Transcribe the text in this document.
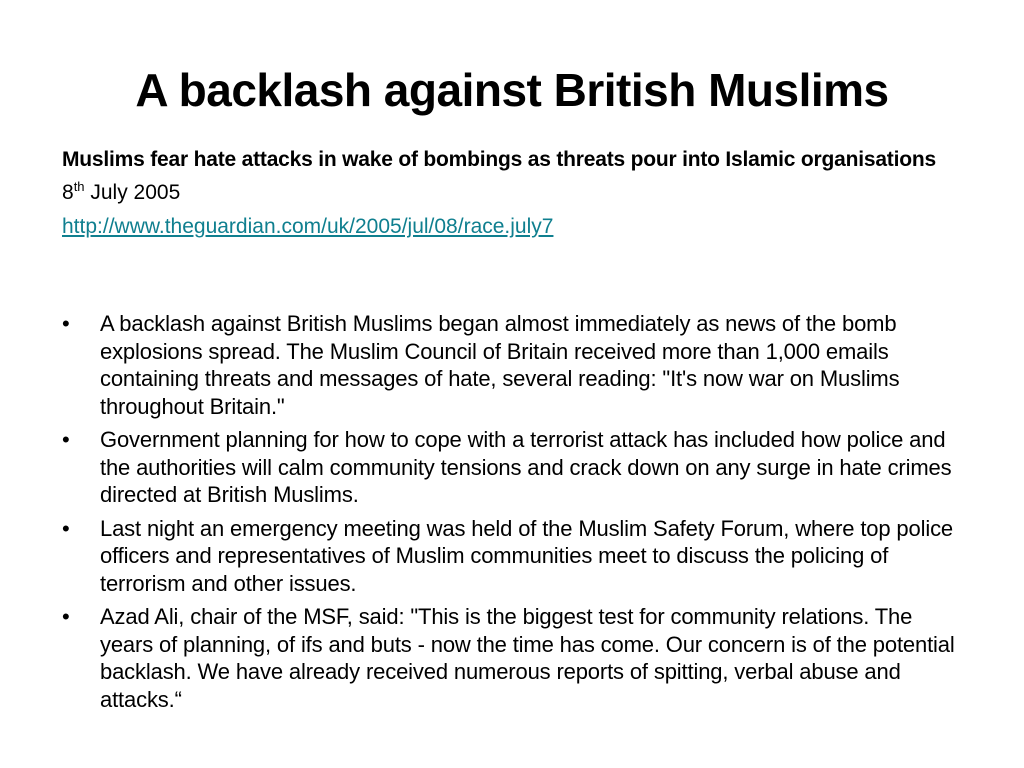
A backlash against British Muslims
Muslims fear hate attacks in wake of bombings as threats pour into Islamic organisations
8th July 2005
http://www.theguardian.com/uk/2005/jul/08/race.july7
•	A backlash against British Muslims began almost immediately as news of the bomb explosions spread. The Muslim Council of Britain received more than 1,000 emails containing threats and messages of hate, several reading: "It's now war on Muslims throughout Britain."
•	Government planning for how to cope with a terrorist attack has included how police and the authorities will calm community tensions and crack down on any surge in hate crimes directed at British Muslims.
•	Last night an emergency meeting was held of the Muslim Safety Forum, where top police officers and representatives of Muslim communities meet to discuss the policing of terrorism and other issues.
•	Azad Ali, chair of the MSF, said: "This is the biggest test for community relations. The years of planning, of ifs and buts - now the time has come. Our concern is of the potential backlash. We have already received numerous reports of spitting, verbal abuse and attacks.“
